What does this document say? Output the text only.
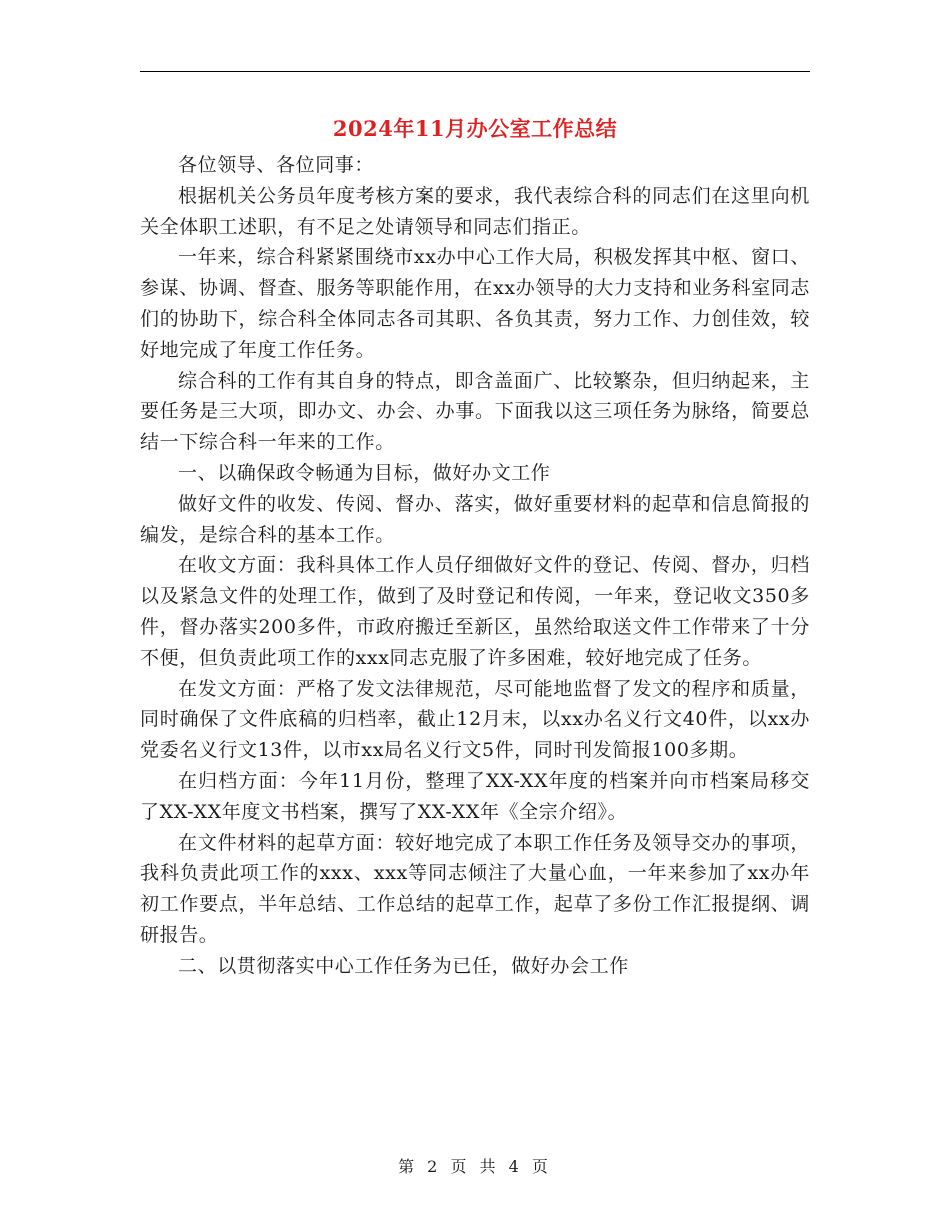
2024年11月办公室工作总结

各位领导、各位同事：

根据机关公务员年度考核方案的要求，我代表综合科的同志们在这里向机关全体职工述职，有不足之处请领导和同志们指正。

一年来，综合科紧紧围绕市xx办中心工作大局，积极发挥其中枢、窗口、参谋、协调、督查、服务等职能作用，在xx办领导的大力支持和业务科室同志们的协助下，综合科全体同志各司其职、各负其责，努力工作、力创佳效，较好地完成了年度工作任务。

综合科的工作有其自身的特点，即含盖面广、比较繁杂，但归纳起来，主要任务是三大项，即办文、办会、办事。下面我以这三项任务为脉络，简要总结一下综合科一年来的工作。

一、以确保政令畅通为目标，做好办文工作

做好文件的收发、传阅、督办、落实，做好重要材料的起草和信息简报的编发，是综合科的基本工作。

在收文方面：我科具体工作人员仔细做好文件的登记、传阅、督办，归档以及紧急文件的处理工作，做到了及时登记和传阅，一年来，登记收文350多件，督办落实200多件，市政府搬迁至新区，虽然给取送文件工作带来了十分不便，但负责此项工作的xxx同志克服了许多困难，较好地完成了任务。

在发文方面：严格了发文法律规范，尽可能地监督了发文的程序和质量，同时确保了文件底稿的归档率，截止12月末，以xx办名义行文40件，以xx办党委名义行文13件，以市xx局名义行文5件，同时刊发简报100多期。

在归档方面：今年11月份，整理了XX-XX年度的档案并向市档案局移交了XX-XX年度文书档案，撰写了XX-XX年《全宗介绍》。

在文件材料的起草方面：较好地完成了本职工作任务及领导交办的事项，我科负责此项工作的xxx、xxx等同志倾注了大量心血，一年来参加了xx办年初工作要点，半年总结、工作总结的起草工作，起草了多份工作汇报提纲、调研报告。

二、以贯彻落实中心工作任务为已任，做好办会工作

第 2 页 共 4 页
